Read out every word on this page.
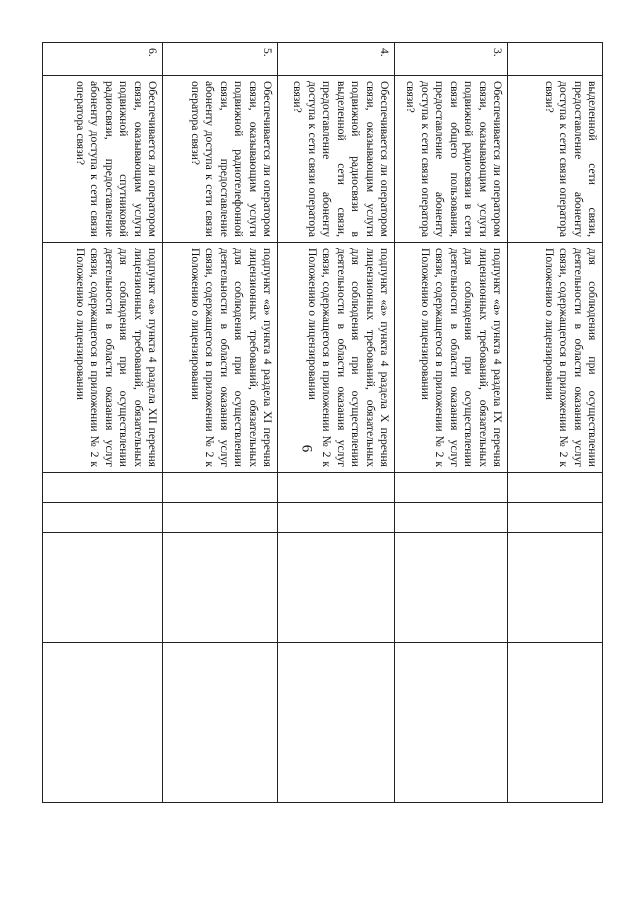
6
	выделенной сети связи, предоставление абоненту доступа к сети связи оператора связи?	для соблюдения при осуществлении деятельности в области оказания услуг связи, содержащегося в приложении № 2 к Положению о лицензировании				
3.	Обеспечивается ли оператором связи, оказывающим услуги подвижной радиосвязи в сети связи общего пользования, предоставление абоненту доступа к сети связи оператора связи?	подпункт «а» пункта 4 раздела IX перечня лицензионных требований, обязательных для соблюдения при осуществлении деятельности в области оказания услуг связи, содержащегося в приложении № 2 к Положению о лицензировании				
4.	Обеспечивается ли оператором связи, оказывающим услуги подвижной радиосвязи в выделенной сети связи, предоставление абоненту доступа к сети связи оператора связи?	подпункт «а» пункта 4 раздела X перечня лицензионных требований, обязательных для соблюдения при осуществлении деятельности в области оказания услуг связи, содержащегося в приложении № 2 к Положению о лицензировании				
5.	Обеспечивается ли оператором связи, оказывающим услуги подвижной радиотелефонной связи, предоставление абоненту доступа к сети связи оператора связи?	подпункт «а» пункта 4 раздела XI перечня лицензионных требований, обязательных для соблюдения при осуществлении деятельности в области оказания услуг связи, содержащегося в приложении № 2 к Положению о лицензировании				
6.	Обеспечивается ли оператором связи, оказывающим услуги подвижной спутниковой радиосвязи, предоставление абоненту доступа к сети связи оператора связи?	подпункт «а» пункта 4 раздела XII перечня лицензионных требований, обязательных для соблюдения при осуществлении деятельности в области оказания услуг связи, содержащегося в приложении № 2 к Положению о лицензировании				
